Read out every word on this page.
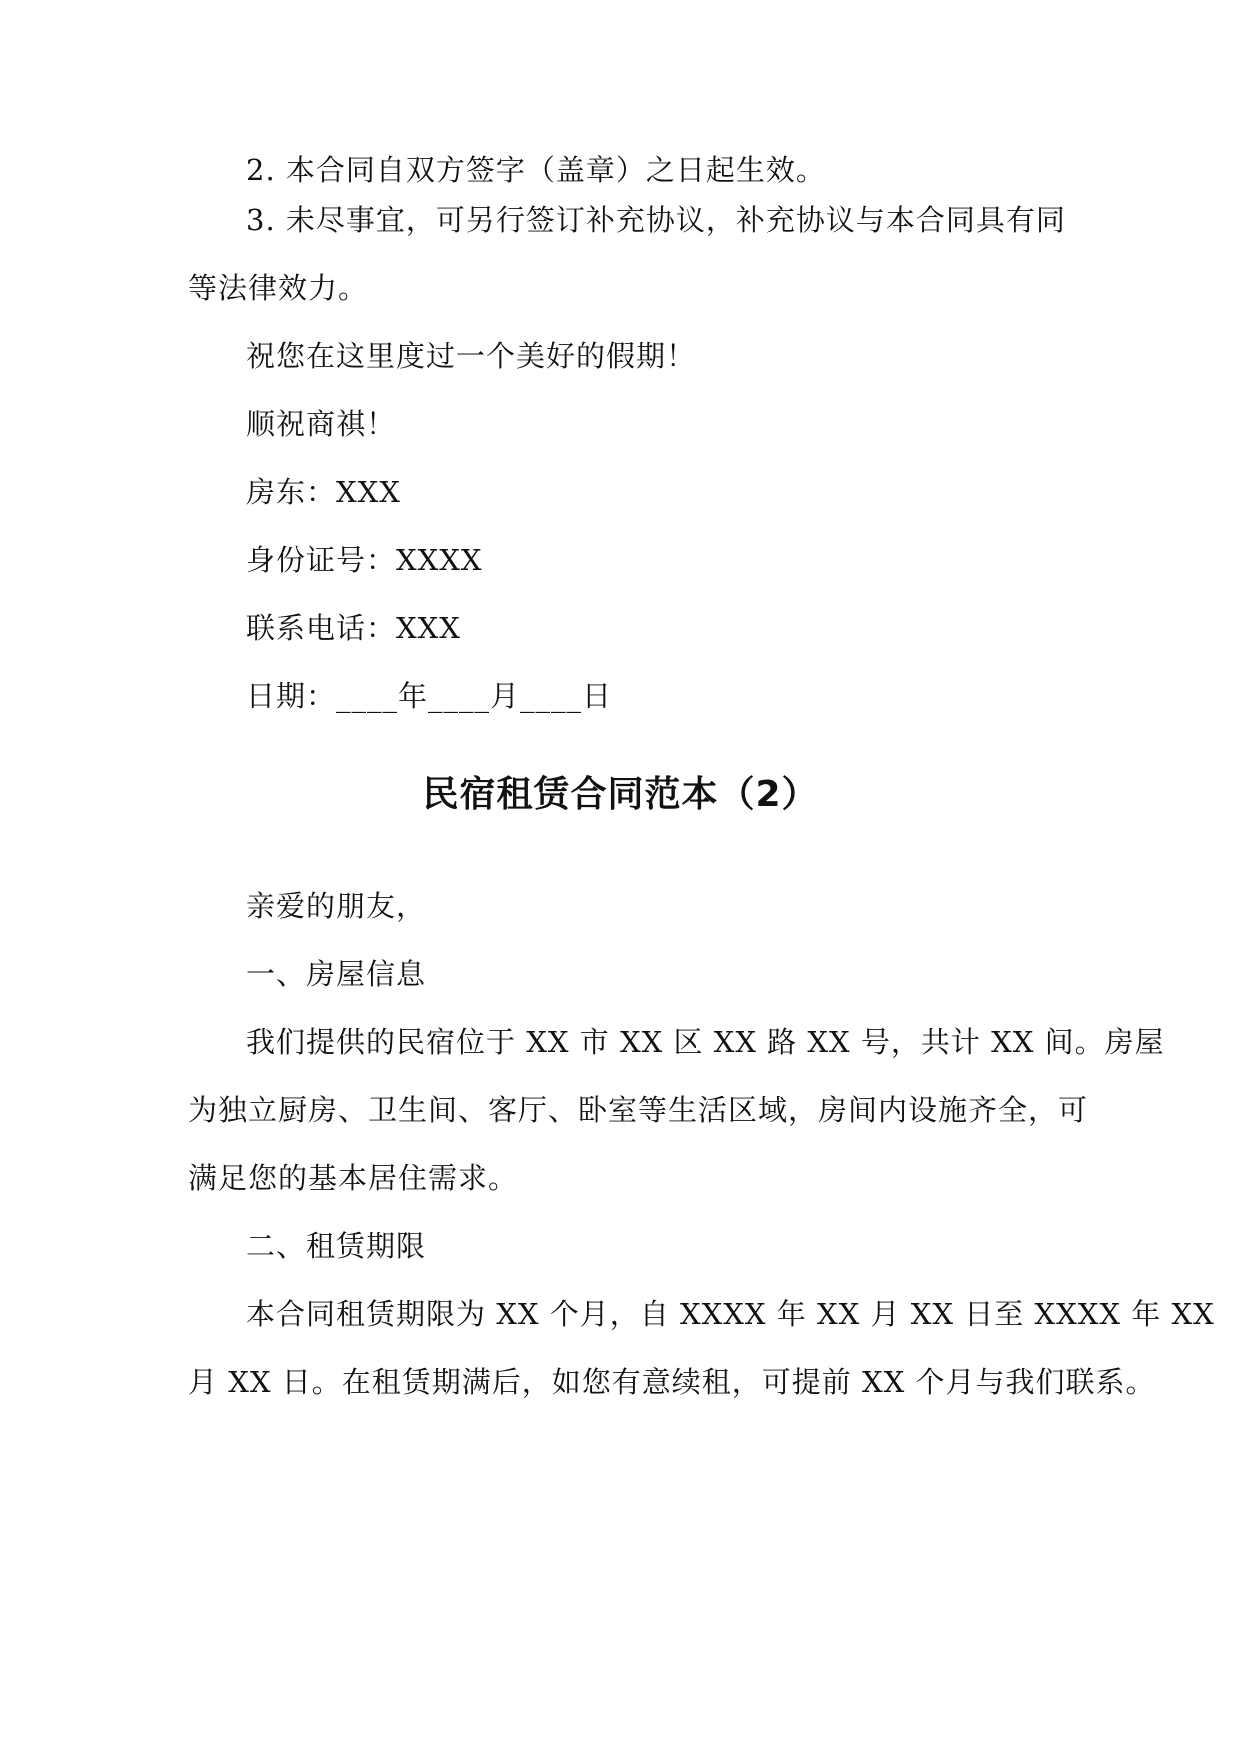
2. 本合同自双方签字（盖章）之日起生效。
3. 未尽事宜，可另行签订补充协议，补充协议与本合同具有同
等法律效力。
祝您在这里度过一个美好的假期！
顺祝商祺！
房东：XXX
身份证号：XXXX
联系电话：XXX
日期：____年____月____日
民宿租赁合同范本（2）
亲爱的朋友，
一、房屋信息
我们提供的民宿位于 XX 市 XX 区 XX 路 XX 号，共计 XX 间。房屋
为独立厨房、卫生间、客厅、卧室等生活区域，房间内设施齐全，可
满足您的基本居住需求。
二、租赁期限
本合同租赁期限为 XX 个月，自 XXXX 年 XX 月 XX 日至 XXXX 年 XX
月 XX 日。在租赁期满后，如您有意续租，可提前 XX 个月与我们联系。
